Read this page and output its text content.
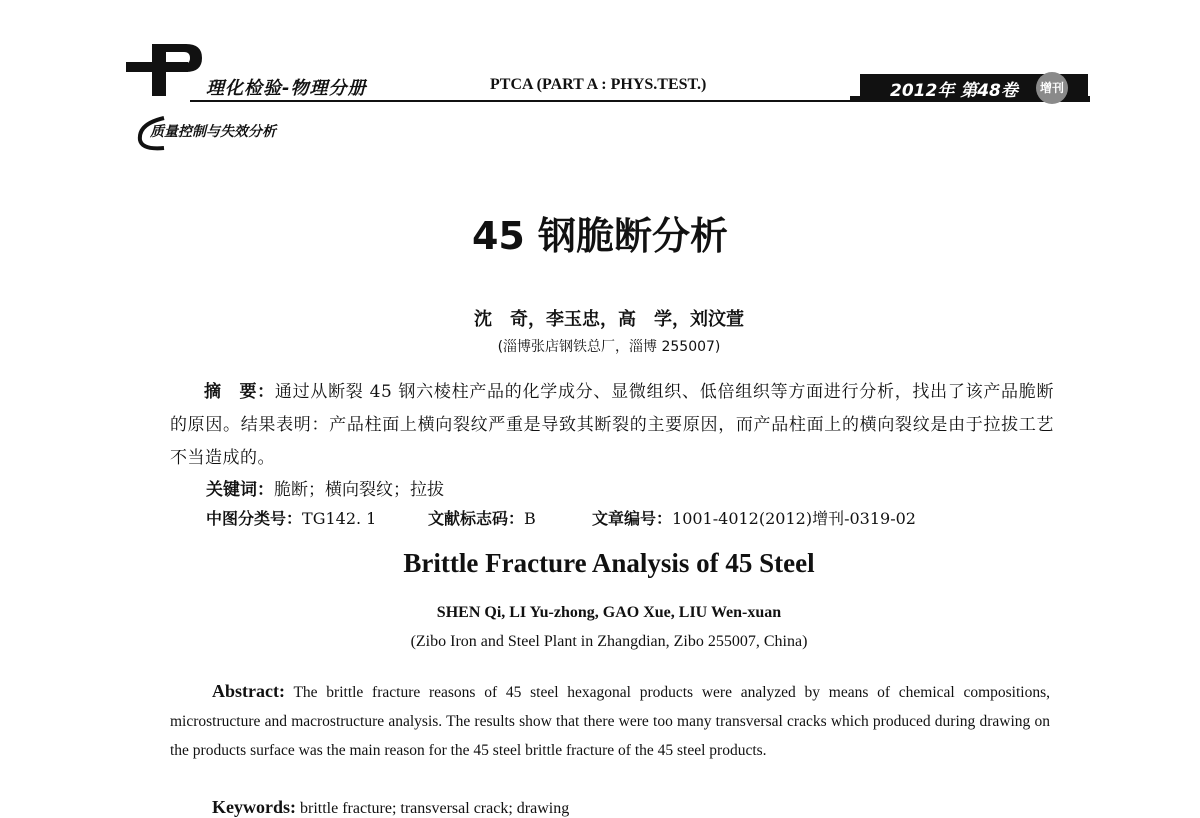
理化检验-物理分册	PTCA (PART A : PHYS.TEST.)	2012年 第48卷	增刊
质量控制与失效分析
45 钢脆断分析
沈　奇，李玉忠，高　学，刘汶萱
(淄博张店钢铁总厂，淄博 255007)
摘　要：通过从断裂 45 钢六棱柱产品的化学成分、显微组织、低倍组织等方面进行分析，找出了该产品脆断的原因。结果表明：产品柱面上横向裂纹严重是导致其断裂的主要原因，而产品柱面上的横向裂纹是由于拉拔工艺不当造成的。
关键词：脆断；横向裂纹；拉拔
中图分类号：TG142. 1	文献标志码：B	文章编号：1001-4012(2012)增刊-0319-02
Brittle Fracture Analysis of 45 Steel
SHEN Qi, LI Yu-zhong, GAO Xue, LIU Wen-xuan
(Zibo Iron and Steel Plant in Zhangdian, Zibo 255007, China)
Abstract: The brittle fracture reasons of 45 steel hexagonal products were analyzed by means of chemical compositions, microstructure and macrostructure analysis. The results show that there were too many transversal cracks which produced during drawing on the products surface was the main reason for the 45 steel brittle fracture of the 45 steel products.
Keywords: brittle fracture; transversal crack; drawing
